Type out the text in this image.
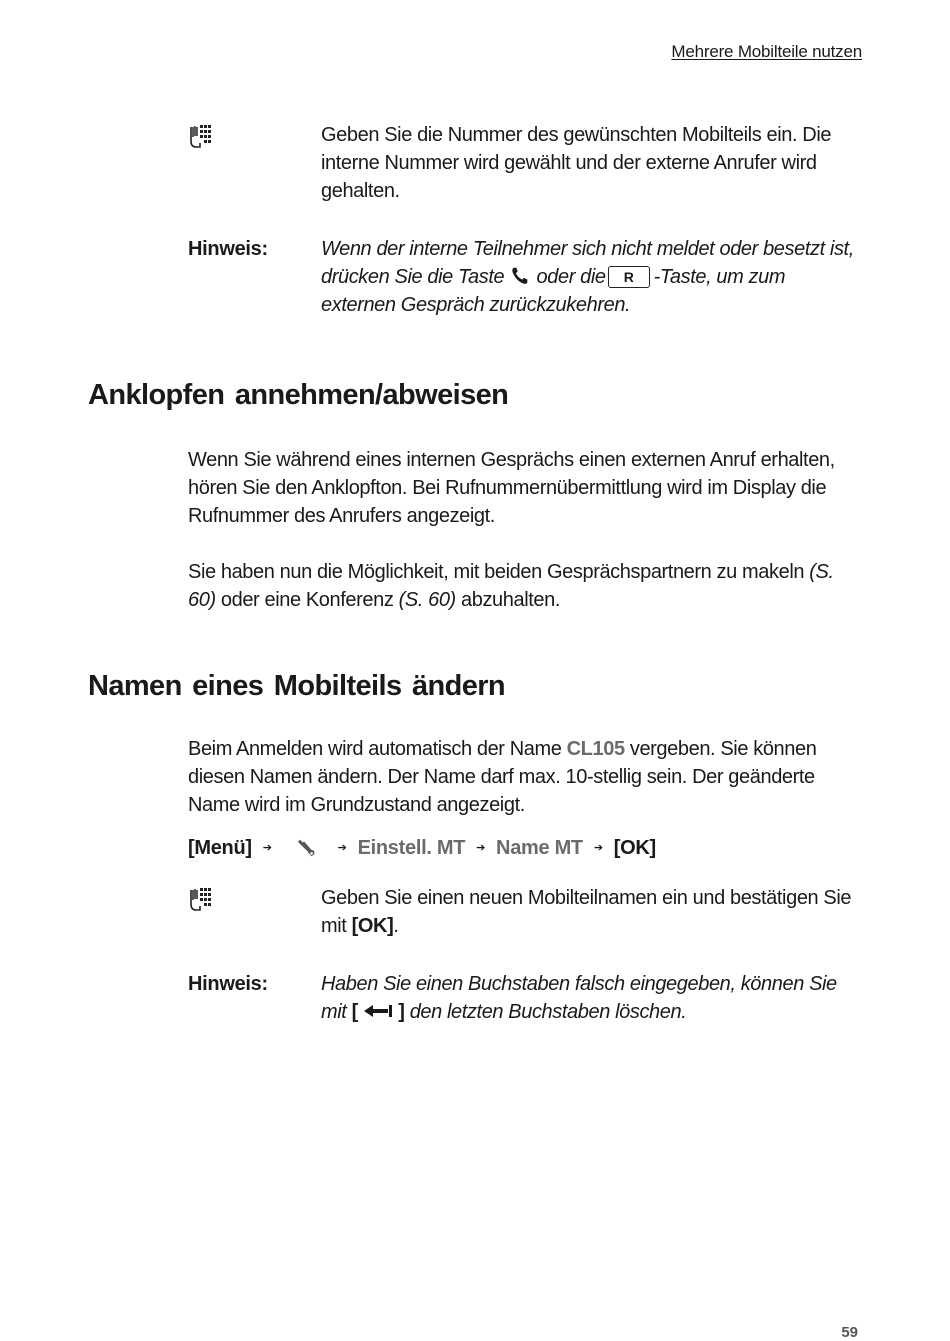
Mehrere Mobilteile nutzen
Geben Sie die Nummer des gewünschten Mobilteils ein. Die interne Nummer wird gewählt und der externe Anrufer wird gehalten.
Hinweis:	Wenn der interne Teilnehmer sich nicht meldet oder besetzt ist, drücken Sie die Taste oder die R -Taste, um zum externen Gespräch zurückzukehren.
Anklopfen annehmen/abweisen
Wenn Sie während eines internen Gesprächs einen externen Anruf erhalten, hören Sie den Anklopfton. Bei Rufnummernübermittlung wird im Display die Rufnummer des Anrufers angezeigt.
Sie haben nun die Möglichkeit, mit beiden Gesprächspartnern zu makeln (S. 60) oder eine Konferenz (S. 60) abzuhalten.
Namen eines Mobilteils ändern
Beim Anmelden wird automatisch der Name CL105 vergeben. Sie können diesen Namen ändern. Der Name darf max. 10-stellig sein. Der geänderte Name wird im Grundzustand angezeigt.
[Menü] ➔	➔ Einstell. MT ➔ Name MT ➔ [OK]
Geben Sie einen neuen Mobilteilnamen ein und bestätigen Sie mit [OK].
Hinweis:	Haben Sie einen Buchstaben falsch eingegeben, können Sie mit [ ] den letzten Buchstaben löschen.
59
